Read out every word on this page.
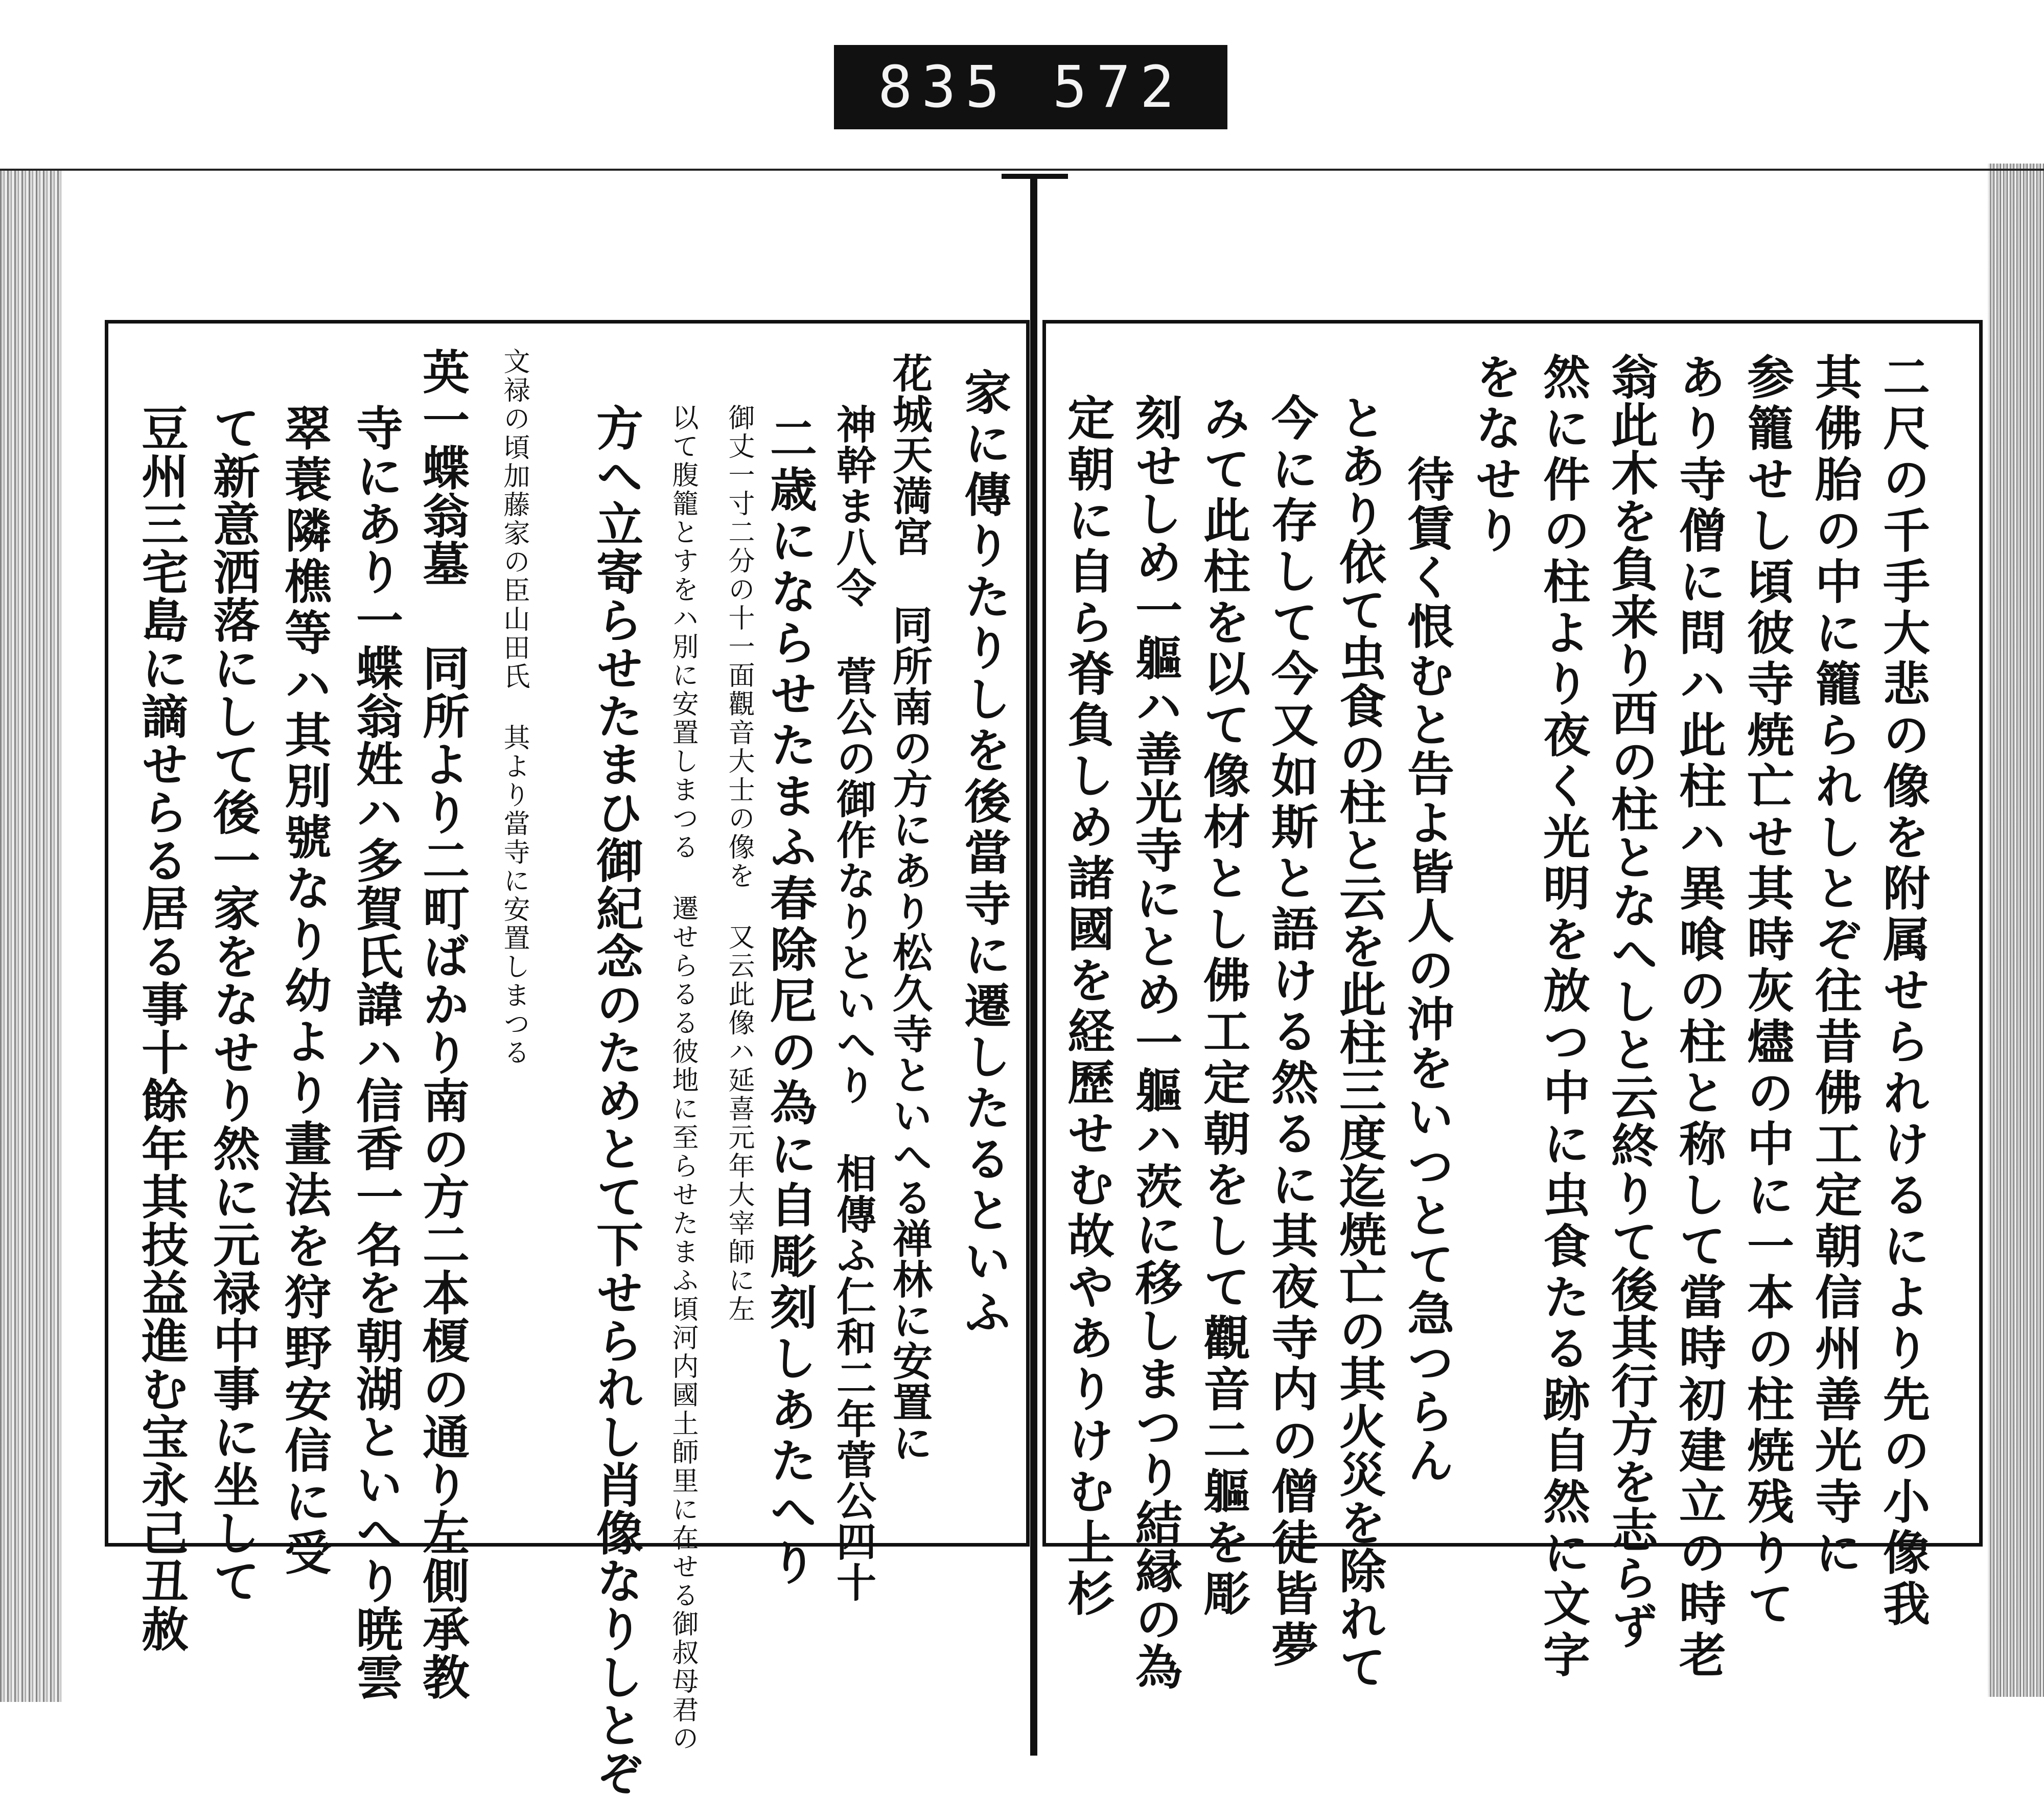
835 572
二尺の千手大悲の像を附属せられけるにより先の小像我
其佛胎の中に籠られしとぞ往昔佛工定朝信州善光寺に
参籠せし頃彼寺焼亡せ其時灰燼の中に一本の柱焼残りて
あり寺僧に問ハ此柱ハ異喰の柱と称して當時初建立の時老
翁此木を負来り西の柱となへしと云終りて後其行方を志らず
然に件の柱より夜く光明を放つ中に虫食たる跡自然に文字
をなせり
待賃く恨むと告よ皆人の沖をいつとて急つらん
とあり依て虫食の柱と云を此柱三度迄焼亡の其火災を除れて
今に存して今又如斯と語ける然るに其夜寺内の僧徒皆夢
みて此柱を以て像材とし佛工定朝をして觀音二軀を彫
刻せしめ一軀ハ善光寺にとめ一軀ハ茨に移しまつり結縁の為
定朝に自ら脊負しめ諸國を経歷せむ故やありけむ上杉
家に傳りたりしを後當寺に遷したるといふ
花城天満宮 同所南の方にあり松久寺といへる禅林に安置に
神幹ま八令 菅公の御作なりといへり 相傳ふ仁和二年菅公四十
二歳にならせたまふ春除尼の為に自彫刻しあたへり
御丈一寸二分の十一面觀音大士の像を 又云此像ハ延喜元年大宰師に左
以て腹籠とすをハ別に安置しまつる 遷せらるる彼地に至らせたまふ頃河内國土師里に在せる御叔母君の
方へ立寄らせたまひ御紀念のためとて下せられし肖像なりしとぞ
文禄の頃加藤家の臣山田氏 其より當寺に安置しまつる
英一蝶翁墓 同所より二町ばかり南の方二本榎の通り左側承教
寺にあり一蝶翁姓ハ多賀氏諱ハ信香一名を朝湖といへり暁雲
翠蓑隣樵等ハ其別號なり幼より畫法を狩野安信に受
て新意洒落にして後一家をなせり然に元禄中事に坐して
豆州三宅島に謫せらる居る事十餘年其技益進む宝永己丑赦
